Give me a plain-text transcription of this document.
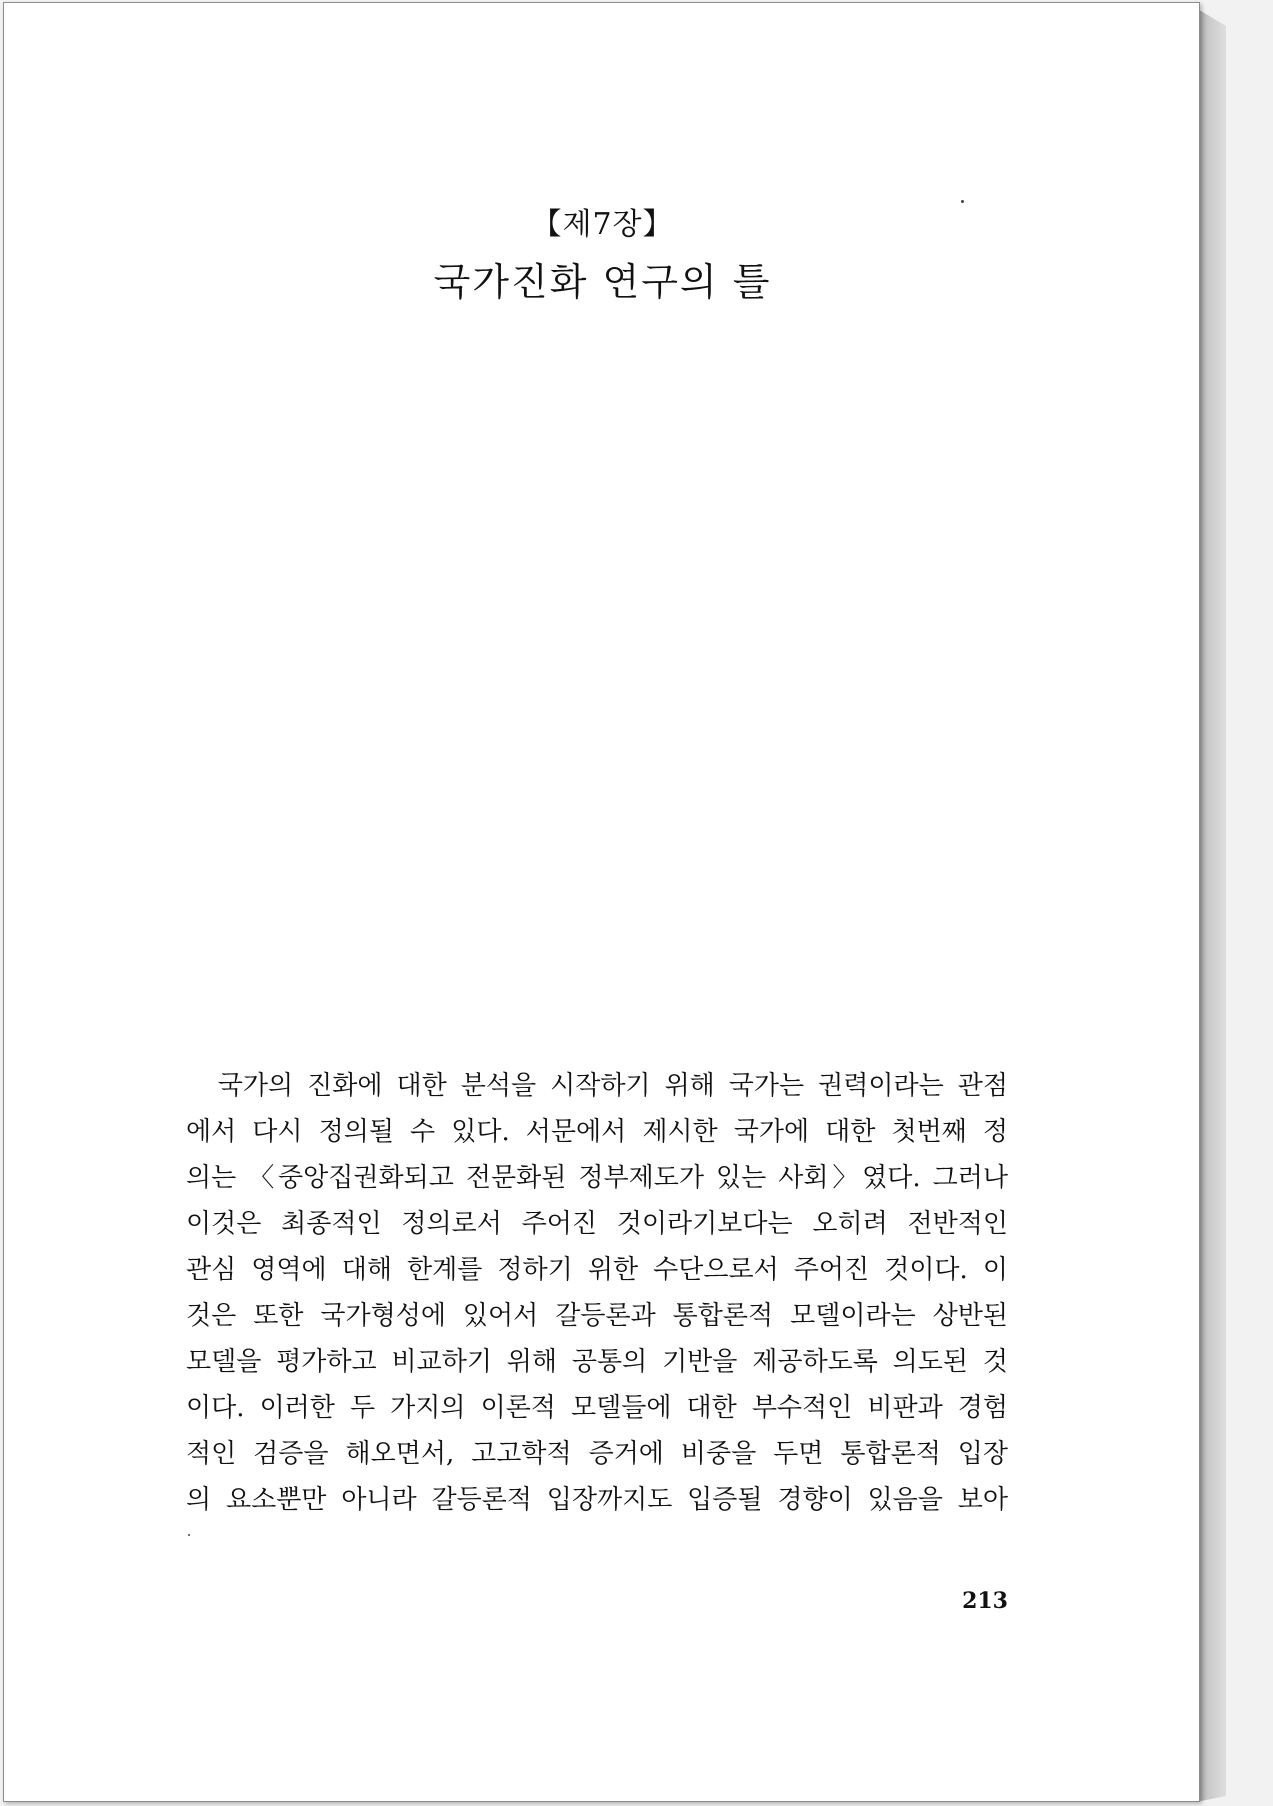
【제7장】
국가진화 연구의 틀
　국가의 진화에 대한 분석을 시작하기 위해 국가는 권력이라는 관점
에서 다시 정의될 수 있다. 서문에서 제시한 국가에 대한 첫번째 정
의는 〈중앙집권화되고 전문화된 정부제도가 있는 사회〉였다. 그러나
이것은 최종적인 정의로서 주어진 것이라기보다는 오히려 전반적인
관심 영역에 대해 한계를 정하기 위한 수단으로서 주어진 것이다. 이
것은 또한 국가형성에 있어서 갈등론과 통합론적 모델이라는 상반된
모델을 평가하고 비교하기 위해 공통의 기반을 제공하도록 의도된 것
이다. 이러한 두 가지의 이론적 모델들에 대한 부수적인 비판과 경험
적인 검증을 해오면서, 고고학적 증거에 비중을 두면 통합론적 입장
의 요소뿐만 아니라 갈등론적 입장까지도 입증될 경향이 있음을 보아
213
